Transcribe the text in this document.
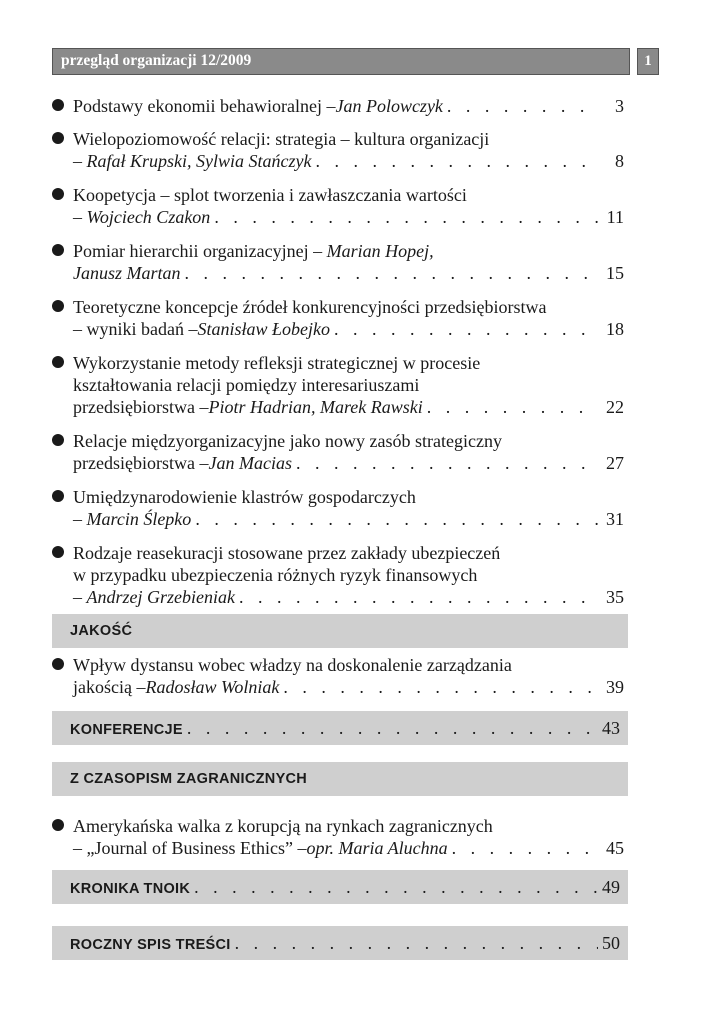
przegląd organizacji 12/2009	1
Podstawy ekonomii behawioralnej – Jan Polowczyk . . .	3
Wielopoziomowość relacji: strategia – kultura organizacji
–
Rafał Krupski, Sylwia Stańczyk . . .	8
Koopetycja – splot tworzenia i zawłaszczania wartości
–
Wojciech Czakon . . .	11
Pomiar hierarchii organizacyjnej – Marian Hopej,
Janusz Martan . . .	15
Teoretyczne koncepcje źródeł konkurencyjności przedsiębiorstwa
– wyniki badań – Stanisław Łobejko . . .	18
Wykorzystanie metody refleksji strategicznej w procesie
kształtowania relacji pomiędzy interesariuszami
przedsiębiorstwa – Piotr Hadrian, Marek Rawski . . .	22
Relacje międzyorganizacyjne jako nowy zasób strategiczny
przedsiębiorstwa – Jan Macias . . .	27
Umiędzynarodowienie klastrów gospodarczych
–
Marcin Ślepko . . .	31
Rodzaje reasekuracji stosowane przez zakłady ubezpieczeń
w przypadku ubezpieczenia różnych ryzyk finansowych
–
Andrzej Grzebieniak . . .	35
JAKOŚĆ
Wpływ dystansu wobec władzy na doskonalenie zarządzania
jakością – Radosław Wolniak . . .	39
KONFERENCJE . . .	43
Z CZASOPISM ZAGRANICZNYCH
Amerykańska walka z korupcją na rynkach zagranicznych
– „Journal of Business Ethics” – opr. Maria Aluchna . . .	45
KRONIKA TNOIK . . .	49
ROCZNY SPIS TREŚCI . . .	50
